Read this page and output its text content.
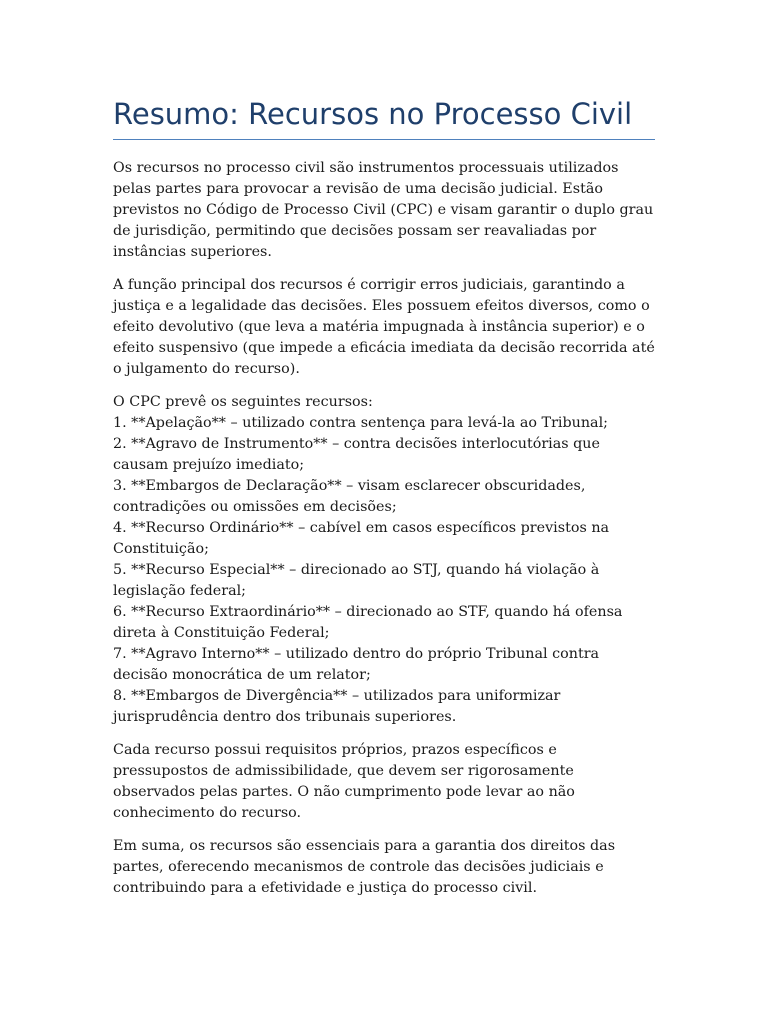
Resumo: Recursos no Processo Civil

Os recursos no processo civil são instrumentos processuais utilizados pelas partes para provocar a revisão de uma decisão judicial. Estão previstos no Código de Processo Civil (CPC) e visam garantir o duplo grau de jurisdição, permitindo que decisões possam ser reavaliadas por instâncias superiores.

A função principal dos recursos é corrigir erros judiciais, garantindo a justiça e a legalidade das decisões. Eles possuem efeitos diversos, como o efeito devolutivo (que leva a matéria impugnada à instância superior) e o efeito suspensivo (que impede a eficácia imediata da decisão recorrida até o julgamento do recurso).

O CPC prevê os seguintes recursos:
1. **Apelação** – utilizado contra sentença para levá-la ao Tribunal;
2. **Agravo de Instrumento** – contra decisões interlocutórias que causam prejuízo imediato;
3. **Embargos de Declaração** – visam esclarecer obscuridades, contradições ou omissões em decisões;
4. **Recurso Ordinário** – cabível em casos específicos previstos na Constituição;
5. **Recurso Especial** – direcionado ao STJ, quando há violação à legislação federal;
6. **Recurso Extraordinário** – direcionado ao STF, quando há ofensa direta à Constituição Federal;
7. **Agravo Interno** – utilizado dentro do próprio Tribunal contra decisão monocrática de um relator;
8. **Embargos de Divergência** – utilizados para uniformizar jurisprudência dentro dos tribunais superiores.

Cada recurso possui requisitos próprios, prazos específicos e pressupostos de admissibilidade, que devem ser rigorosamente observados pelas partes. O não cumprimento pode levar ao não conhecimento do recurso.

Em suma, os recursos são essenciais para a garantia dos direitos das partes, oferecendo mecanismos de controle das decisões judiciais e contribuindo para a efetividade e justiça do processo civil.
